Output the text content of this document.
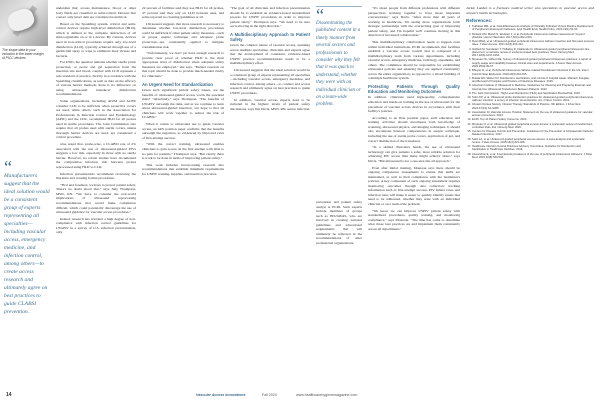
The shape data in your inclusion in the lower margin of PICC devices
“
Manufacturers suggest that the ideal solution would be a consistent group of experts representing all specialties—including vascular access, emergency medicine, and infection control, among others—to create access research and ultimately agree on best practices to guide CLABSI prevention.

undershut that; access maintenance, blood, or other body fluids are classified as semi-critical. Devices that contact only intact skin are considered noncritical.

Based on the Spaulding system, critical and semi-critical devices require high-level disinfection (HLD), which is defined as the complete destruction of all microorganisms on or in a device. By contrast, devices used in non-critical procedures require only low-level disinfection (LLD), typically achieved through use of a germicidal spray or wipe to eliminate most viruses and bacteria.

For USPs, the question remains whether sterile probe protection, or probe and gel separation from the insertion site and blood, coupled with LLD represent a safe standard of practice. Strictly in accordance with the Spaulding classifications, as well as data on the efficacy of various barrier methods, there is no difference on using ultrasound transducer disinfection recommendations.

Some organizations, including AIUM and ACEP, consider LLD to be sufficient when protective covers are used, while others, such as the Association for Professionals in Infection Control and Epidemiology (APIC) and the CDC, recommend HLD for all probes used in sterile procedures. The Joint Commission also require that all probes used with sterile covers, unless thorough barrier devices are used, are considered a critical procedure.

wise noted that, probe-wise, a CLABSI rate of 2% associated with the use of ultrasound-guided PIVs suggests a low risk, especially in those with no sterile barrier. However, no robust studies have documented the comparative infection risk between probes reprocessed using HLD vs LLD.

Infection preventionists recommend reviewing the literature and creating formal procedures.

"First and foremost, we have to protect patient safety. There's no doubt about that," says Judy Thompson, MSN, RN. "We have to consider the real-world implications of ultrasound reprocessing recommendations that would make compliance difficult, which could potentially discourage the use of ultrasound guidance for vascular access procedures."

Indeed, research has revealed a high degree of non-compliance with infection control guidelines for USGPIV in a survey of U.S. infection preventionists, only

22 percent of facilities said they use HLD for all probes, 47 percent said they rely on LLD between uses, and some reported no cleaning guidelines at all.

Ultrasound suggests that more research is necessary to determine whether low-level disinfection procedures could be sufficient if other patient safety measures—such as proper aseptic technique and adequate probe protection—are consistently applied to mitigate contamination risk.

"Unfortunately, we don't yet have enough research to provide clear proof of whether HLD is the most appropriate level of disinfection when adequate safety measures are employed," she says. "Further research on this topic should be done to provide much-needed clarity for clinicians."

An Urgent Need for Standardization

Given such significant patient safety issues, are the benefits of ultrasound-guided access worth the potential risks? "Absolutely," says Thompson. "The benefits of USGPIV outweigh the risks, and as we continue to learn about ultrasound-guided insertion, our hope is that all clinicians will work together to reduce the risk of CLABSI."

When it comes to ultrasound use to guide vascular access, an IAN position paper confirms that the benefits outweigh the negatives, as evidenced by improved rates of first-attempt success.

"With the correct training, ultrasound enables clinicians to gain access on the first attempt with little to no pain for patients," Thompson says. "But clearly there is work to be done in terms of improving patient safety."

This work includes incorporating research into recommendations that establish minimum requirements for USPIV training, supplies, and insertion practices.

"The goal of all clinicians and infection preventionists should be to establish an evidence-based standardized process for USPIV procedures in order to improve patient safety," Thompson says. "We need to be sure we're moving in the right direction."

A Multidisciplinary Approach to Patient Safety

Given the complex nature of vascular access, spanning across multiple specialties, clinicians and experts agree that the development of consistent, evidence-based USPIV practice recommendations needs to be a multidisciplinary effort.

Ultrasound suggests that the ideal solution would be a consistent group of experts representing all specialties—including vascular access, emergency medicine, and infection control, among others—to conduct and access research and ultimately agree on best practices to guide USPIV procedures.

In addition, vascular access experts need to be included in the highest levels of patient safety discussions, says Jim Davis, MSN, RN, senior infection

“
Disseminating the published content in a timely manner from several sectors and professionals to consider why they felt that it was quick to understand, whether they were with an individual clinician or on a team-wide problem.

prevention and patient safety analyst at ECRI. Such experts include members of groups such as INS/IAVAS, who are involved in creating national guidelines and educational requirements that will ultimately be reflected in the recommendations of other professional organizations.

"It's about people from different professions with different perspectives working together to have those important conversations," says Davis. "After more than 40 years of working in healthcare, I'm seeing more organizations form strategic partnerships with the overarching goal of improving patient safety, and I'm hopeful we'll continue moving in this direction of increased collaboration."

This multidisciplinary collaboration needs to happen even within individual institutions. ECRI recommends that facilities establish a vascular access council that is composed of a multidisciplinary team from various departments, including vascular access, emergency medicine, radiology, anesthesia, and others. The committee should be responsible for establishing ultrasound policies and ensuring they are applied consistently across the entire organization, as opposed to a siloed building of a multiple healthcare system.

Protecting Patients Through Quality Education and Monitoring Outcomes

In addition, clinicians need high-quality, comprehensive education and hands-on training in the use of ultrasound for the placement of vascular access devices in accordance with their facility's policies.

According to an INA position paper, such education and training activities should encompass both knowledge of scanning, ultrasound physics, and imaging techniques. It should also encompass hand-on competencies in aseptic technique, including the use of sterile probe covers, application of gel, and correct disinfection of the transducer.

"In a skilled clinician's hands, the use of ultrasound technology can give patients a safer, more reliable solution for achieving PIV access than many might achieve alone," says Davis. "But ultrasound is not a one-size-fits-all approach."

Even after initial training, Moureau says there should be ongoing competence assessments to ensure that skills are maintained, as well as their compliance with the institution's policies. A key component of such ongoing assessment requires monitoring outcomes through data collection; tracking information such as first-attempt success, PIV failure rates, and infection rates will make it easier to quickly identify issues that need to be addressed, whether they arise with an individual clinician or on a team-wide problem.

"We know we can improve USPIV patient safety with standardized procedures, quality training, and monitoring compliance," says Moureau. "The time has come to determine what those best practices are and implement them consistently across all departments."

Jackie Lunden is a freelance medical writer who specializes in vascular access and women's health technologies.
References:
1. Tsahatas MM, et al. Cost-Effectiveness Analysis of Clinically Indicated Versus Routine Replacement of Peripheral Intravenous Catheters. Appl Health Econ Health Policy. 2021;19(1):51-60.
2. Rickard CM, Marsh N, Webster J, et al. Peripheral intravenous catheter assessment: beyond phlebitis. Lancet Haematol. 2017;4(9):e402-e403.
3. Ryan RMA, et al. Ultrasound-guided peripheral intravenous catheter insertion and first-pass success rates. J Vasc Access. 2021;22(3):404-412.
4. Gottlieb M, Sundaram T, Holladay D, Nakitende D. Ultrasound-guided peripheral intravenous line placement: a narrative review of evidence-based best practices. West J Emerg Med. 2017;18(6):1047-1054.
5. Moureau NL, Gilbert GE. Survey of ultrasound-guided peripheral intravenous practices: a report of supply usage and variability between clinical roles and departments. J Assoc Vasc Access. 2020;25(3):30-37.
6. Bhuyan D, et al. Peripheral intravenous catheter-related bloodstream infections in the US. Infect Control Hosp Epidemiol. 2019;40(3):310-315.
7. Rutala WA, Weber DJ. Disinfection, sterilization, and control of hospital waste. Mandell, Douglas, and Bennett's Principles and Practice of Infectious Diseases. 2015.
8. American Institute of Ultrasound in Medicine. Guidelines for Cleaning and Preparing External- and Internal-Use Ultrasound Transducers Between Patients. 2022.
9. The Joint Commission. High-Level Disinfection (HLD) and Sterilization BoosterPak. 2022.
10. Sohn KP, et al. Ultrasound probe disinfection practices for ultrasound-guided peripheral intravenous catheter insertion: a survey of infection preventionists. Am J Infect Control. 2021.
11. Infusion Nurses Society. Infusion Therapy Standards of Practice, 9th Edition. J Infus Nurs. 2024;47(1S):S1-S285.
12. Association for Vascular Access. Position Statement on the use of ultrasound guidance for vascular access procedures. 2023.
13. ECRI. Top 10 Patient Safety Concerns. 2024.
14. Moureau N, et al. Ultrasound guided peripheral venous access: a systematic review of randomized-controlled trials. Eur J Emerg Med. 2020.
15. Centers for Disease Control and Prevention. Guidelines for the Prevention of Intravascular Catheter-Related Infections. 2017.
16. Stolz LA, et al. Ultrasound-guided peripheral venous access: a meta-analysis and systematic review. J Vasc Access. 2015;16(4):321-326.
17. Healthcare Infection Control Practices Advisory Committee. Guideline for Disinfection and Sterilization in Healthcare Facilities. 2019.
18. Alexandrou E, et al. International prevalence of the use of peripheral intravenous catheters. J Hosp Med. 2015;10(8):530-533.
14	Vascular Access Innovations	Fall 2024	www.healthcarehygienemagazine.com
